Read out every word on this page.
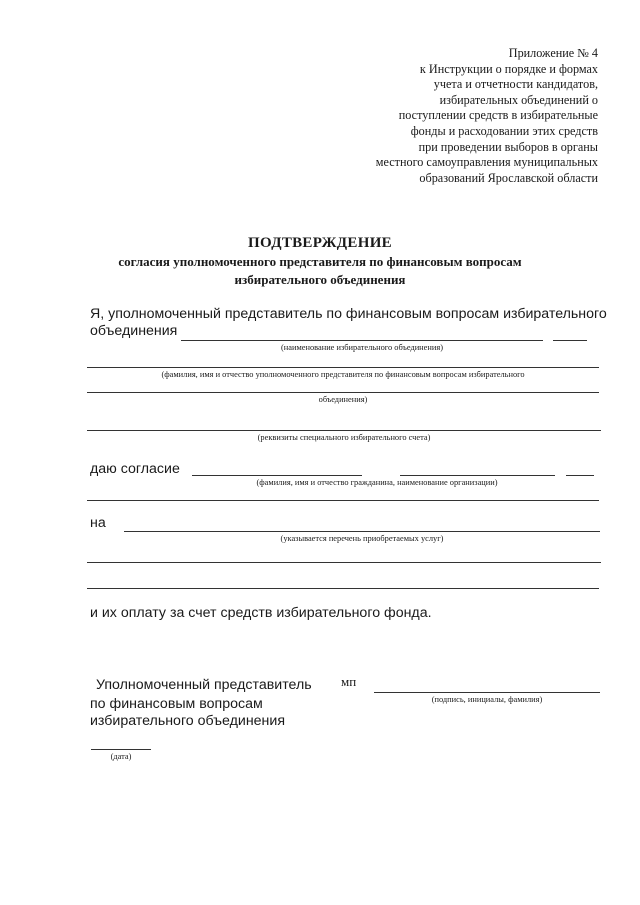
Приложение № 4
к Инструкции о порядке и формах
учета и отчетности кандидатов,
избирательных объединений о
поступлении средств в избирательные
фонды и расходовании этих средств
при проведении выборов в органы
местного самоуправления муниципальных
образований Ярославской области
ПОДТВЕРЖДЕНИЕ
согласия уполномоченного представителя по финансовым вопросам
избирательного объединения
Я, уполномоченный представитель по финансовым вопросам избирательного
объединения
(наименование избирательного объединения)
(фамилия, имя и отчество уполномоченного представителя по финансовым вопросам избирательного
объединения)
(реквизиты специального избирательного счета)
даю согласие
(фамилия, имя и отчество гражданина, наименование организации)
на
(указывается перечень приобретаемых услуг)
и их оплату за счет средств избирательного фонда.
Уполномоченный представитель
по финансовым вопросам
избирательного объединения
мп
(подпись, инициалы, фамилия)
(дата)
